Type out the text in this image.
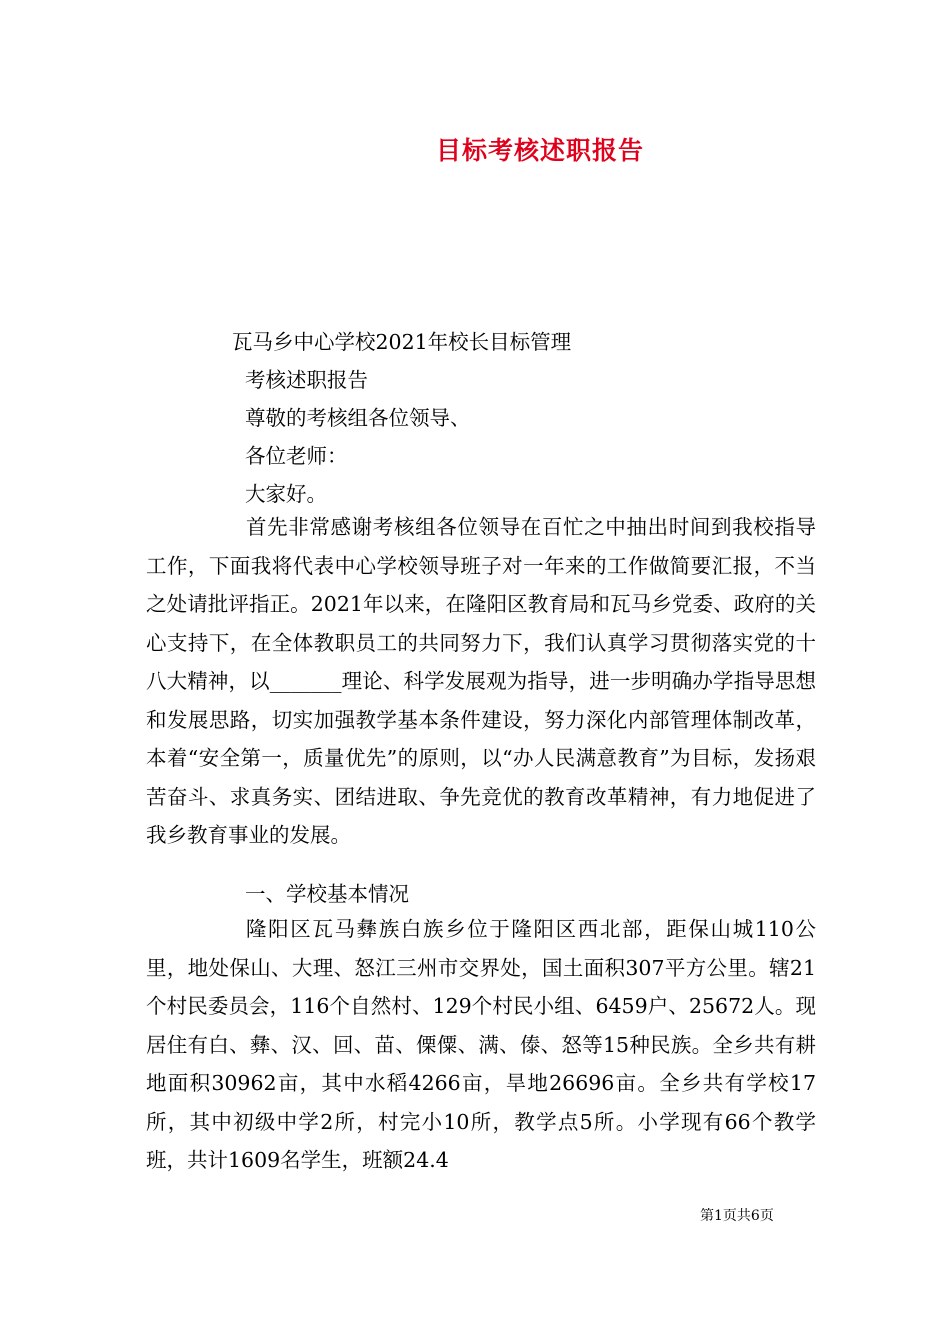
目标考核述职报告
瓦马乡中心学校2021年校长目标管理
考核述职报告
尊敬的考核组各位领导、
各位老师：
大家好。
首先非常感谢考核组各位领导在百忙之中抽出时间到我校指导工作，下面我将代表中心学校领导班子对一年来的工作做简要汇报，不当之处请批评指正。2021年以来，在隆阳区教育局和瓦马乡党委、政府的关心支持下，在全体教职员工的共同努力下，我们认真学习贯彻落实党的十八大精神，以_______理论、科学发展观为指导，进一步明确办学指导思想和发展思路，切实加强教学基本条件建设，努力深化内部管理体制改革，本着“安全第一，质量优先”的原则，以“办人民满意教育”为目标，发扬艰苦奋斗、求真务实、团结进取、争先竞优的教育改革精神，有力地促进了我乡教育事业的发展。
一、学校基本情况
隆阳区瓦马彝族白族乡位于隆阳区西北部，距保山城110公里，地处保山、大理、怒江三州市交界处，国土面积307平方公里。辖21个村民委员会，116个自然村、129个村民小组、6459户、25672人。现居住有白、彝、汉、回、苗、傈僳、满、傣、怒等15种民族。全乡共有耕地面积30962亩，其中水稻4266亩，旱地26696亩。全乡共有学校17所，其中初级中学2所，村完小10所，教学点5所。小学现有66个教学班，共计1609名学生，班额24.4
第1页共6页
